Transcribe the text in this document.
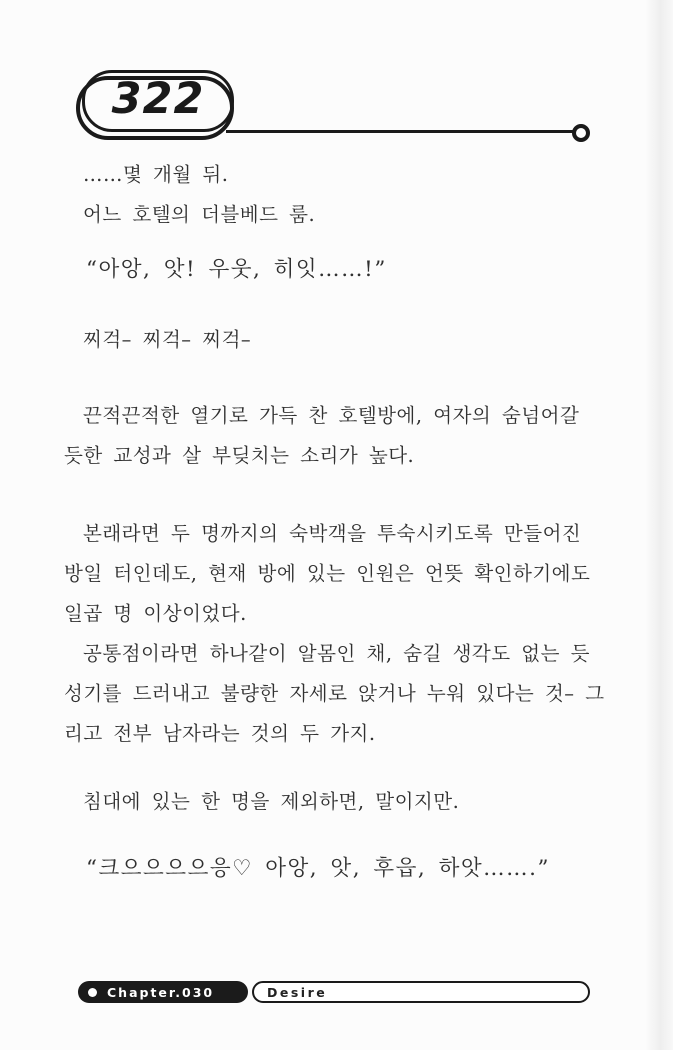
322
……몇 개월 뒤.
어느 호텔의 더블베드 룸.
“아앙, 앗! 우웃, 히잇……!”
찌걱– 찌걱– 찌걱–
끈적끈적한 열기로 가득 찬 호텔방에, 여자의 숨넘어갈
듯한 교성과 살 부딪치는 소리가 높다.
본래라면 두 명까지의 숙박객을 투숙시키도록 만들어진
방일 터인데도, 현재 방에 있는 인원은 언뜻 확인하기에도
일곱 명 이상이었다.
공통점이라면 하나같이 알몸인 채, 숨길 생각도 없는 듯
성기를 드러내고 불량한 자세로 앉거나 누워 있다는 것– 그
리고 전부 남자라는 것의 두 가지.
침대에 있는 한 명을 제외하면, 말이지만.
“크으으으으응♡ 아앙, 앗, 후읍, 하앗…….”
Chapter.030	Desire
